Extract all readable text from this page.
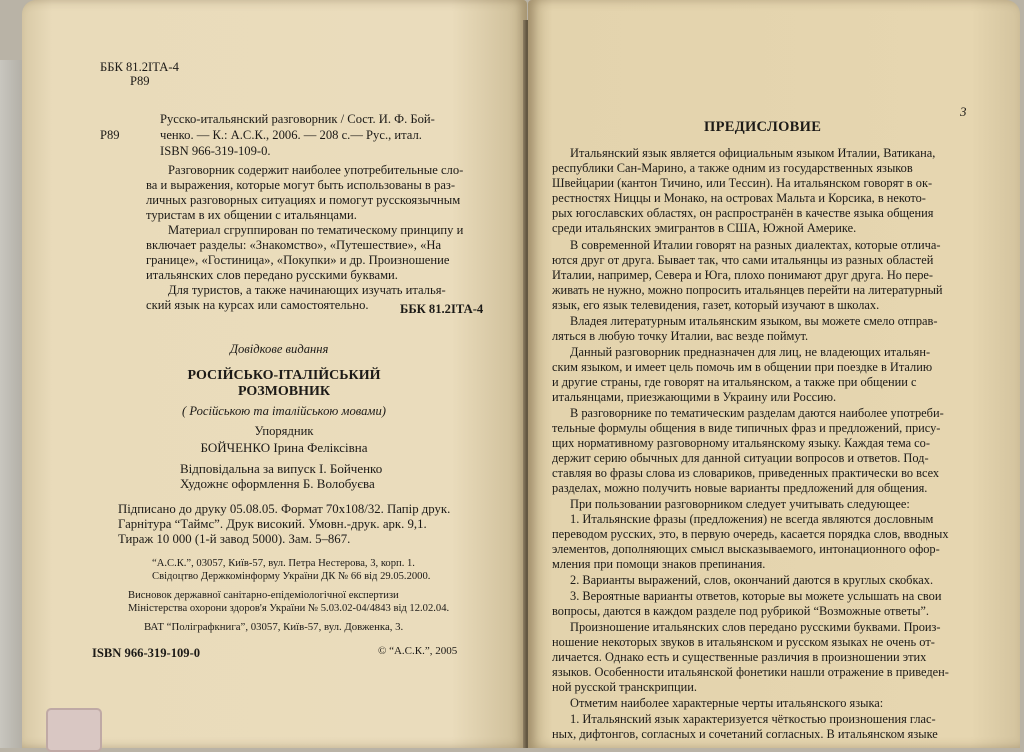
ББК 81.2ІТА-4
Р89
Р89
Русско-итальянский разговорник / Сост. И. Ф. Бой-
ченко. — К.: А.С.К., 2006. — 208 с.— Рус., итал.
ISBN 966-319-109-0.
Разговорник содержит наиболее употребительные сло-
ва и выражения, которые могут быть использованы в раз-
личных разговорных ситуациях и помогут русскоязычным
туристам в их общении с итальянцами.
Материал сгруппирован по тематическому принципу и
включает разделы: «Знакомство», «Путешествие», «На
границе», «Гостиница», «Покупки» и др. Произношение
итальянских слов передано русскими буквами.
Для туристов, а также начинающих изучать италья-
ский язык на курсах или самостоятельно. ББК 81.2ІТА-4
Довідкове видання
РОСІЙСЬКО-ІТАЛІЙСЬКИЙ
РОЗМОВНИК
( Російською та італійською мовами)
Упорядник
БОЙЧЕНКО Ірина Феліксівна
Відповідальна за випуск І. Бойченко
Художнє оформлення Б. Волобуєва
Підписано до друку 05.08.05. Формат 70x108/32. Папір друк.
Гарнітура “Таймс”. Друк високий. Умовн.-друк. арк. 9,1.
Тираж 10 000 (1-й завод 5000). Зам. 5–867.
“А.С.К.”, 03057, Київ-57, вул. Петра Нестерова, 3, корп. 1.
Свідоцтво Держкомінформу України ДК № 66 від 29.05.2000.
Висновок державної санітарно-епідеміологічної експертизи
Міністерства охорони здоров'я України № 5.03.02-04/4843 від 12.02.04.
ВАТ “Поліграфкнига”, 03057, Київ-57, вул. Довженка, 3.
ISBN 966-319-109-0	© “А.С.К.”, 2005
3
ПРЕДИСЛОВИЕ
Итальянский язык является официальным языком Италии, Ватикана,
республики Сан-Марино, а также одним из государственных языков
Швейцарии (кантон Тичино, или Тессин). На итальянском говорят в ок-
рестностях Ниццы и Монако, на островах Мальта и Корсика, в некото-
рых югославских областях, он распространён в качестве языка общения
среди итальянских эмигрантов в США, Южной Америке.
В современной Италии говорят на разных диалектах, которые отлича-
ются друг от друга. Бывает так, что сами итальянцы из разных областей
Италии, например, Севера и Юга, плохо понимают друг друга. Но пере-
живать не нужно, можно попросить итальянцев перейти на литературный
язык, его язык телевидения, газет, который изучают в школах.
Владея литературным итальянским языком, вы можете смело отправ-
ляться в любую точку Италии, вас везде поймут.
Данный разговорник предназначен для лиц, не владеющих итальян-
ским языком, и имеет цель помочь им в общении при поездке в Италию
и другие страны, где говорят на итальянском, а также при общении с
итальянцами, приезжающими в Украину или Россию.
В разговорнике по тематическим разделам даются наиболее употреби-
тельные формулы общения в виде типичных фраз и предложений, прису-
щих нормативному разговорному итальянскому языку. Каждая тема со-
держит серию обычных для данной ситуации вопросов и ответов. Под-
ставляя во фразы слова из словариков, приведенных практически во всех
разделах, можно получить новые варианты предложений для общения.
При пользовании разговорником следует учитывать следующее:
1. Итальянские фразы (предложения) не всегда являются дословным
переводом русских, это, в первую очередь, касается порядка слов, вводных
элементов, дополняющих смысл высказываемого, интонационного офор-
мления при помощи знаков препинания.
2. Варианты выражений, слов, окончаний даются в круглых скобках.
3. Вероятные варианты ответов, которые вы можете услышать на свои
вопросы, даются в каждом разделе под рубрикой “Возможные ответы”.
Произношение итальянских слов передано русскими буквами. Произ-
ношение некоторых звуков в итальянском и русском языках не очень от-
личается. Однако есть и существенные различия в произношении этих
языков. Особенности итальянской фонетики нашли отражение в приведен-
ной русской транскрипции.
Отметим наиболее характерные черты итальянского языка:
1. Итальянский язык характеризуется чёткостью произношения глас-
ных, дифтонгов, согласных и сочетаний согласных. В итальянском языке
